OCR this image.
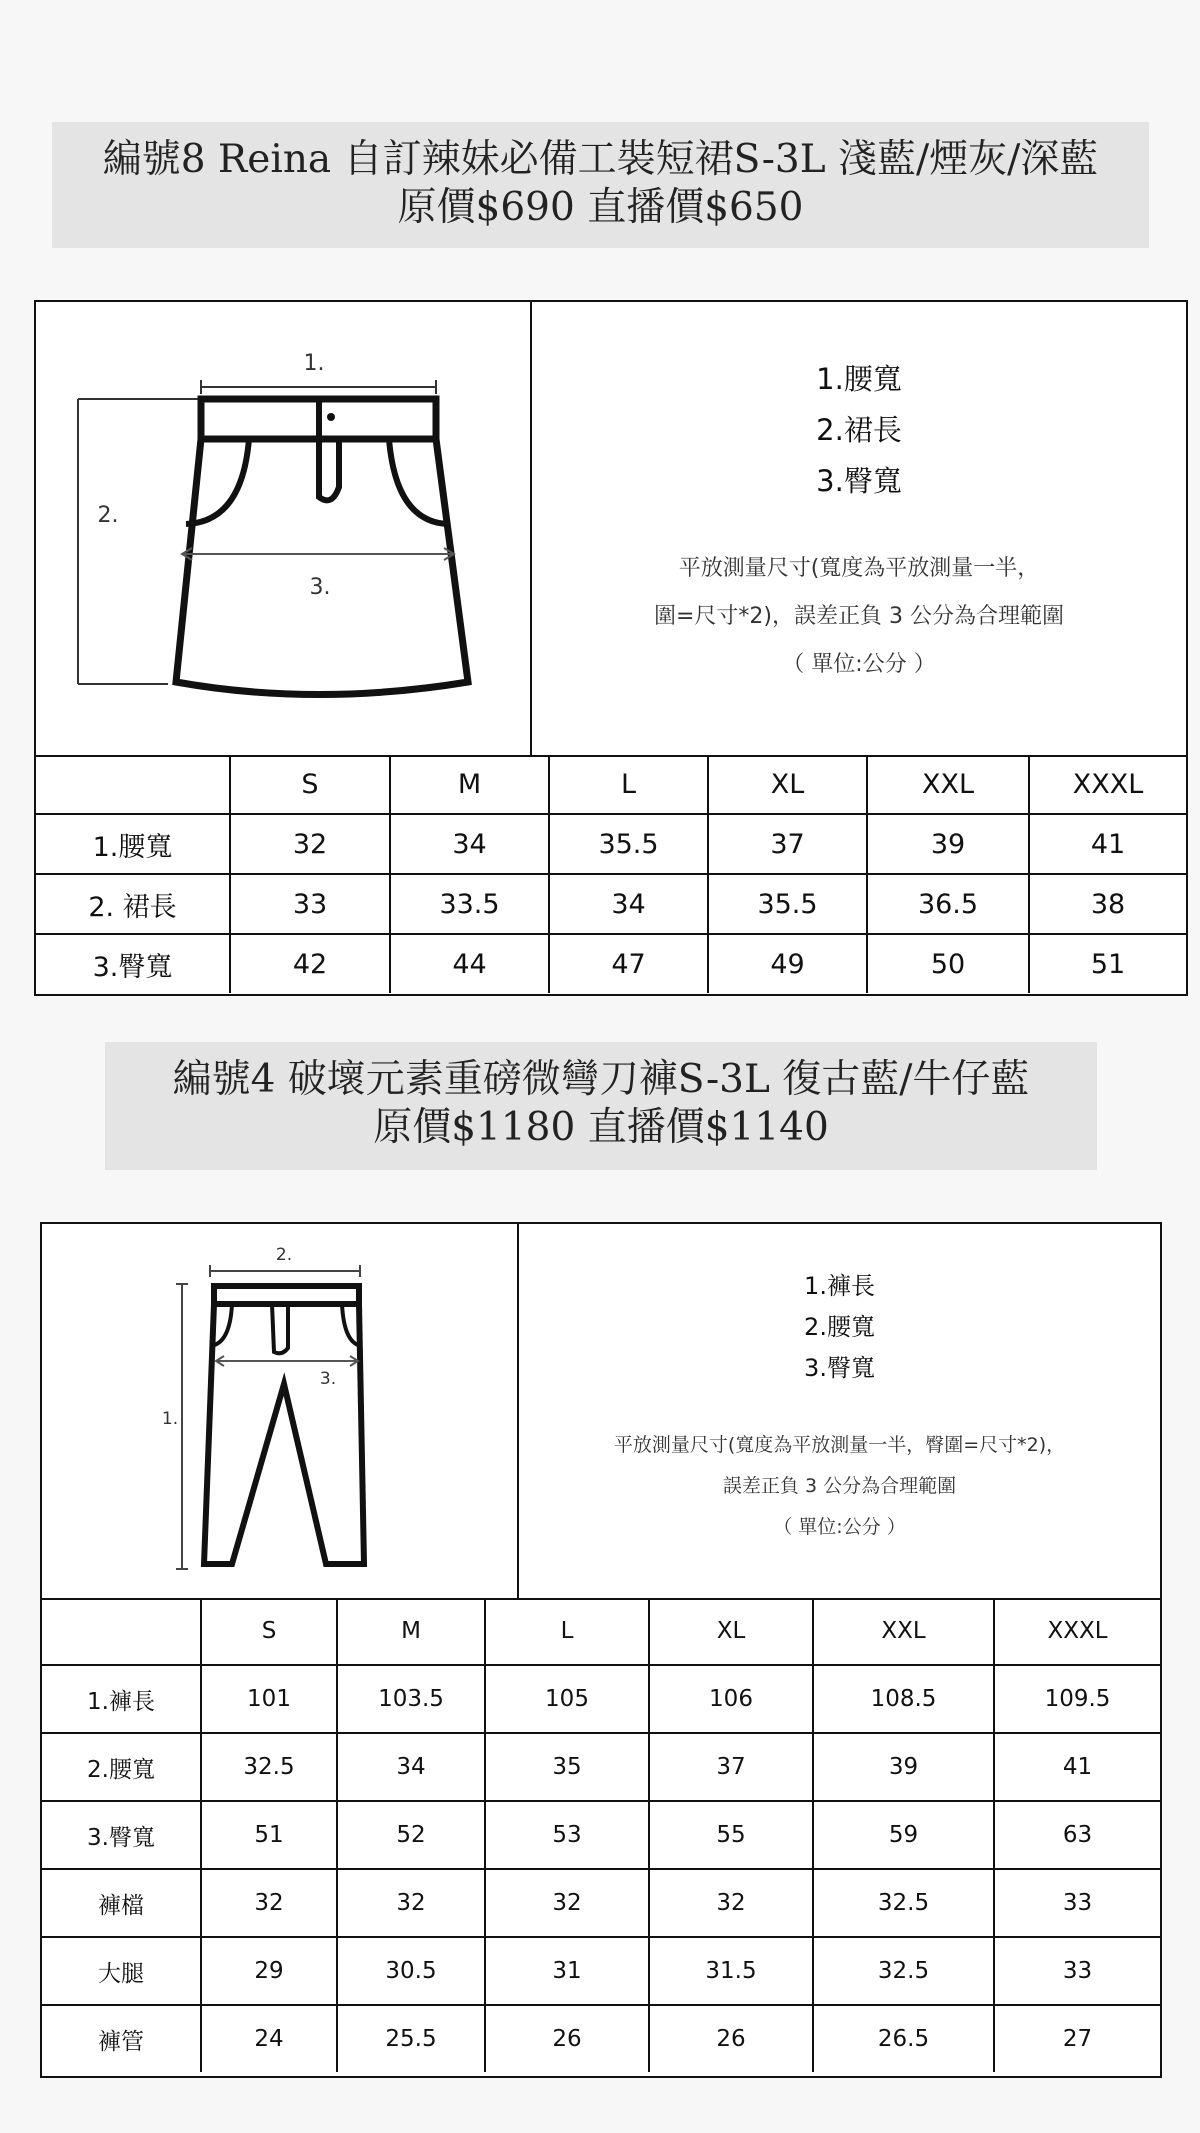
編號8 Reina 自訂辣妹必備工裝短裙S-3L 淺藍/煙灰/深藍
原價$690 直播價$650
1.
2.
3.
1.腰寬
2.裙長
3.臀寬
平放測量尺寸(寬度為平放測量一半，
圍=尺寸*2)，誤差正負 3 公分為合理範圍
（ 單位:公分 ）
	S	M	L	XL	XXL	XXXL
1.腰寬	32	34	35.5	37	39	41
2. 裙長	33	33.5	34	35.5	36.5	38
3.臀寬	42	44	47	49	50	51
編號4 破壞元素重磅微彎刀褲S-3L 復古藍/牛仔藍
原價$1180 直播價$1140
2.
1.
3.
1.褲長
2.腰寬
3.臀寬
平放測量尺寸(寬度為平放測量一半，臀圍=尺寸*2)，
誤差正負 3 公分為合理範圍
（ 單位:公分 ）
	S	M	L	XL	XXL	XXXL
1.褲長	101	103.5	105	106	108.5	109.5
2.腰寬	32.5	34	35	37	39	41
3.臀寬	51	52	53	55	59	63
褲檔	32	32	32	32	32.5	33
大腿	29	30.5	31	31.5	32.5	33
褲管	24	25.5	26	26	26.5	27
